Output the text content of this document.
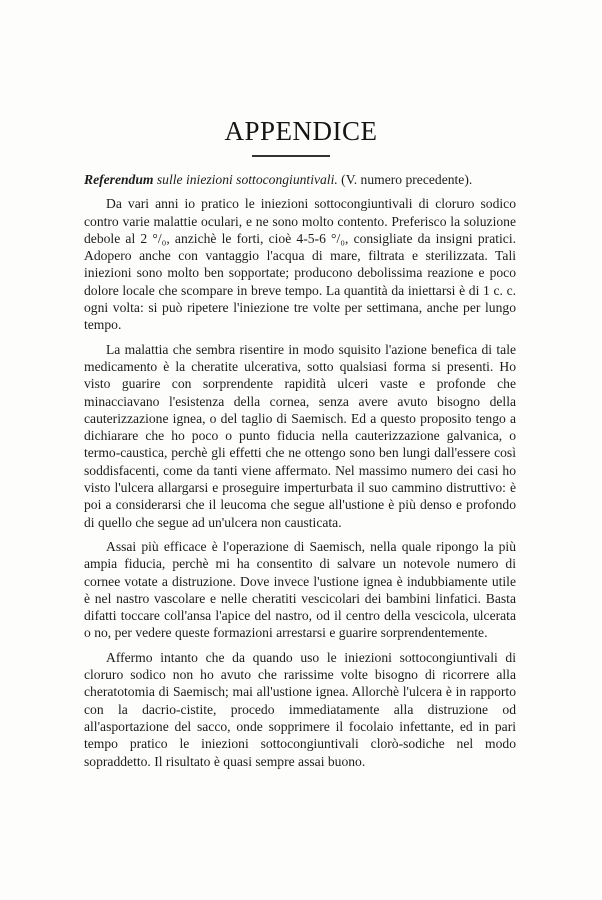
APPENDICE

Referendum sulle iniezioni sottocongiuntivali. (V. numero precedente).

Da vari anni io pratico le iniezioni sottocongiuntivali di cloruro sodico contro varie malattie oculari, e ne sono molto contento. Preferisco la soluzione debole al 2 °/₀, anzichè le forti, cioè 4-5-6 °/₀, consigliate da insigni pratici. Adopero anche con vantaggio l'acqua di mare, filtrata e sterilizzata. Tali iniezioni sono molto ben sopportate; producono debolissima reazione e poco dolore locale che scompare in breve tempo. La quantità da iniettarsi è di 1 c. c. ogni volta: si può ripetere l'iniezione tre volte per settimana, anche per lungo tempo.

La malattia che sembra risentire in modo squisito l'azione benefica di tale medicamento è la cheratite ulcerativa, sotto qualsiasi forma si presenti. Ho visto guarire con sorprendente rapidità ulceri vaste e profonde che minacciavano l'esistenza della cornea, senza avere avuto bisogno della cauterizzazione ignea, o del taglio di Saemisch. Ed a questo proposito tengo a dichiarare che ho poco o punto fiducia nella cauterizzazione galvanica, o termo-caustica, perchè gli effetti che ne ottengo sono ben lungi dall'essere così soddisfacenti, come da tanti viene affermato. Nel massimo numero dei casi ho visto l'ulcera allargarsi e proseguire imperturbata il suo cammino distruttivo: è poi a considerarsi che il leucoma che segue all'ustione è più denso e profondo di quello che segue ad un'ulcera non causticata.

Assai più efficace è l'operazione di Saemisch, nella quale ripongo la più ampia fiducia, perchè mi ha consentito di salvare un notevole numero di cornee votate a distruzione. Dove invece l'ustione ignea è indubbiamente utile è nel nastro vascolare e nelle cheratiti vescicolari dei bambini linfatici. Basta difatti toccare coll'ansa l'apice del nastro, od il centro della vescicola, ulcerata o no, per vedere queste formazioni arrestarsi e guarire sorprendentemente.

Affermo intanto che da quando uso le iniezioni sottocongiuntivali di cloruro sodico non ho avuto che rarissime volte bisogno di ricorrere alla cheratotomia di Saemisch; mai all'ustione ignea. Allorchè l'ulcera è in rapporto con la dacrio-cistite, procedo immediatamente alla distruzione od all'asportazione del sacco, onde sopprimere il focolaio infettante, ed in pari tempo pratico le iniezioni sottocongiuntivali clorò-sodiche nel modo sopraddetto. Il risultato è quasi sempre assai buono.
